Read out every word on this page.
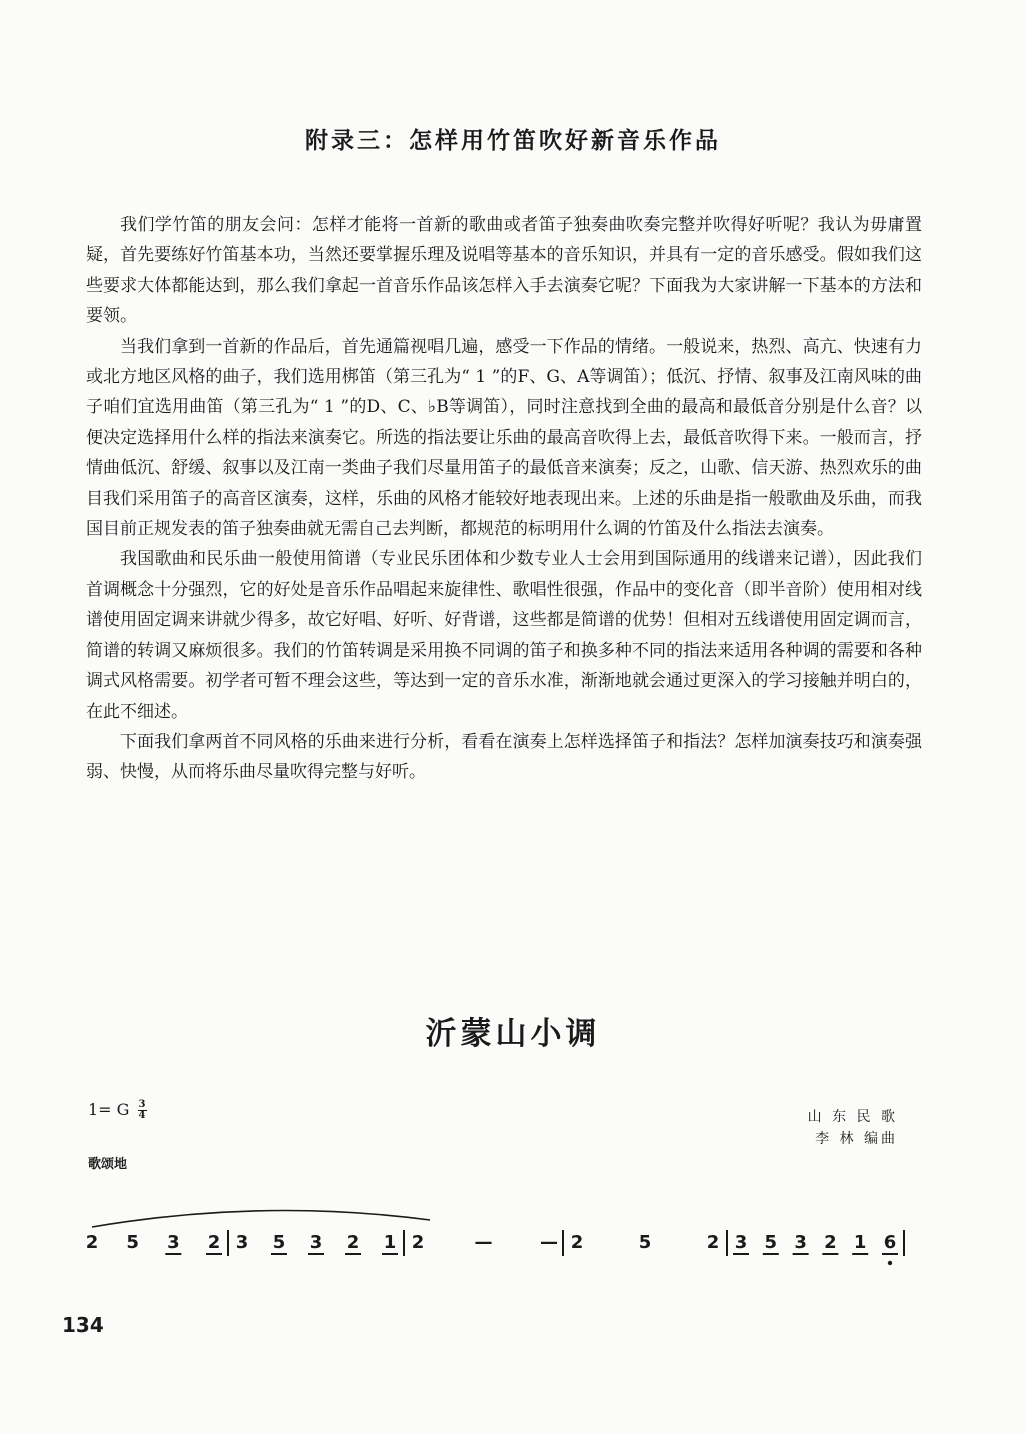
附录三：怎样用竹笛吹好新音乐作品

我们学竹笛的朋友会问：怎样才能将一首新的歌曲或者笛子独奏曲吹奏完整并吹得好听呢？我认为毋庸置疑，首先要练好竹笛基本功，当然还要掌握乐理及说唱等基本的音乐知识，并具有一定的音乐感受。假如我们这些要求大体都能达到，那么我们拿起一首音乐作品该怎样入手去演奏它呢？下面我为大家讲解一下基本的方法和要领。

当我们拿到一首新的作品后，首先通篇视唱几遍，感受一下作品的情绪。一般说来，热烈、高亢、快速有力或北方地区风格的曲子，我们选用梆笛（第三孔为“ 1 ”的F、G、A等调笛）；低沉、抒情、叙事及江南风味的曲子咱们宜选用曲笛（第三孔为“ 1 ”的D、C、♭B等调笛），同时注意找到全曲的最高和最低音分别是什么音？以便决定选择用什么样的指法来演奏它。所选的指法要让乐曲的最高音吹得上去，最低音吹得下来。一般而言，抒情曲低沉、舒缓、叙事以及江南一类曲子我们尽量用笛子的最低音来演奏；反之，山歌、信天游、热烈欢乐的曲目我们采用笛子的高音区演奏，这样，乐曲的风格才能较好地表现出来。上述的乐曲是指一般歌曲及乐曲，而我国目前正规发表的笛子独奏曲就无需自己去判断，都规范的标明用什么调的竹笛及什么指法去演奏。

我国歌曲和民乐曲一般使用简谱（专业民乐团体和少数专业人士会用到国际通用的线谱来记谱），因此我们首调概念十分强烈，它的好处是音乐作品唱起来旋律性、歌唱性很强，作品中的变化音（即半音阶）使用相对线谱使用固定调来讲就少得多，故它好唱、好听、好背谱，这些都是简谱的优势！但相对五线谱使用固定调而言，简谱的转调又麻烦很多。我们的竹笛转调是采用换不同调的笛子和换多种不同的指法来适用各种调的需要和各种调式风格需要。初学者可暂不理会这些，等达到一定的音乐水准，渐渐地就会通过更深入的学习接触并明白的，在此不细述。

下面我们拿两首不同风格的乐曲来进行分析，看看在演奏上怎样选择笛子和指法？怎样加演奏技巧和演奏强弱、快慢，从而将乐曲尽量吹得完整与好听。

沂蒙山小调
1= G $\frac{3}{4}$
歌颂地
山 东 民 歌
李 林 编曲
2 5 3 2 3 5 3 2 1 2	—	— 2	5	2 3 5 3 2 1 6
134
